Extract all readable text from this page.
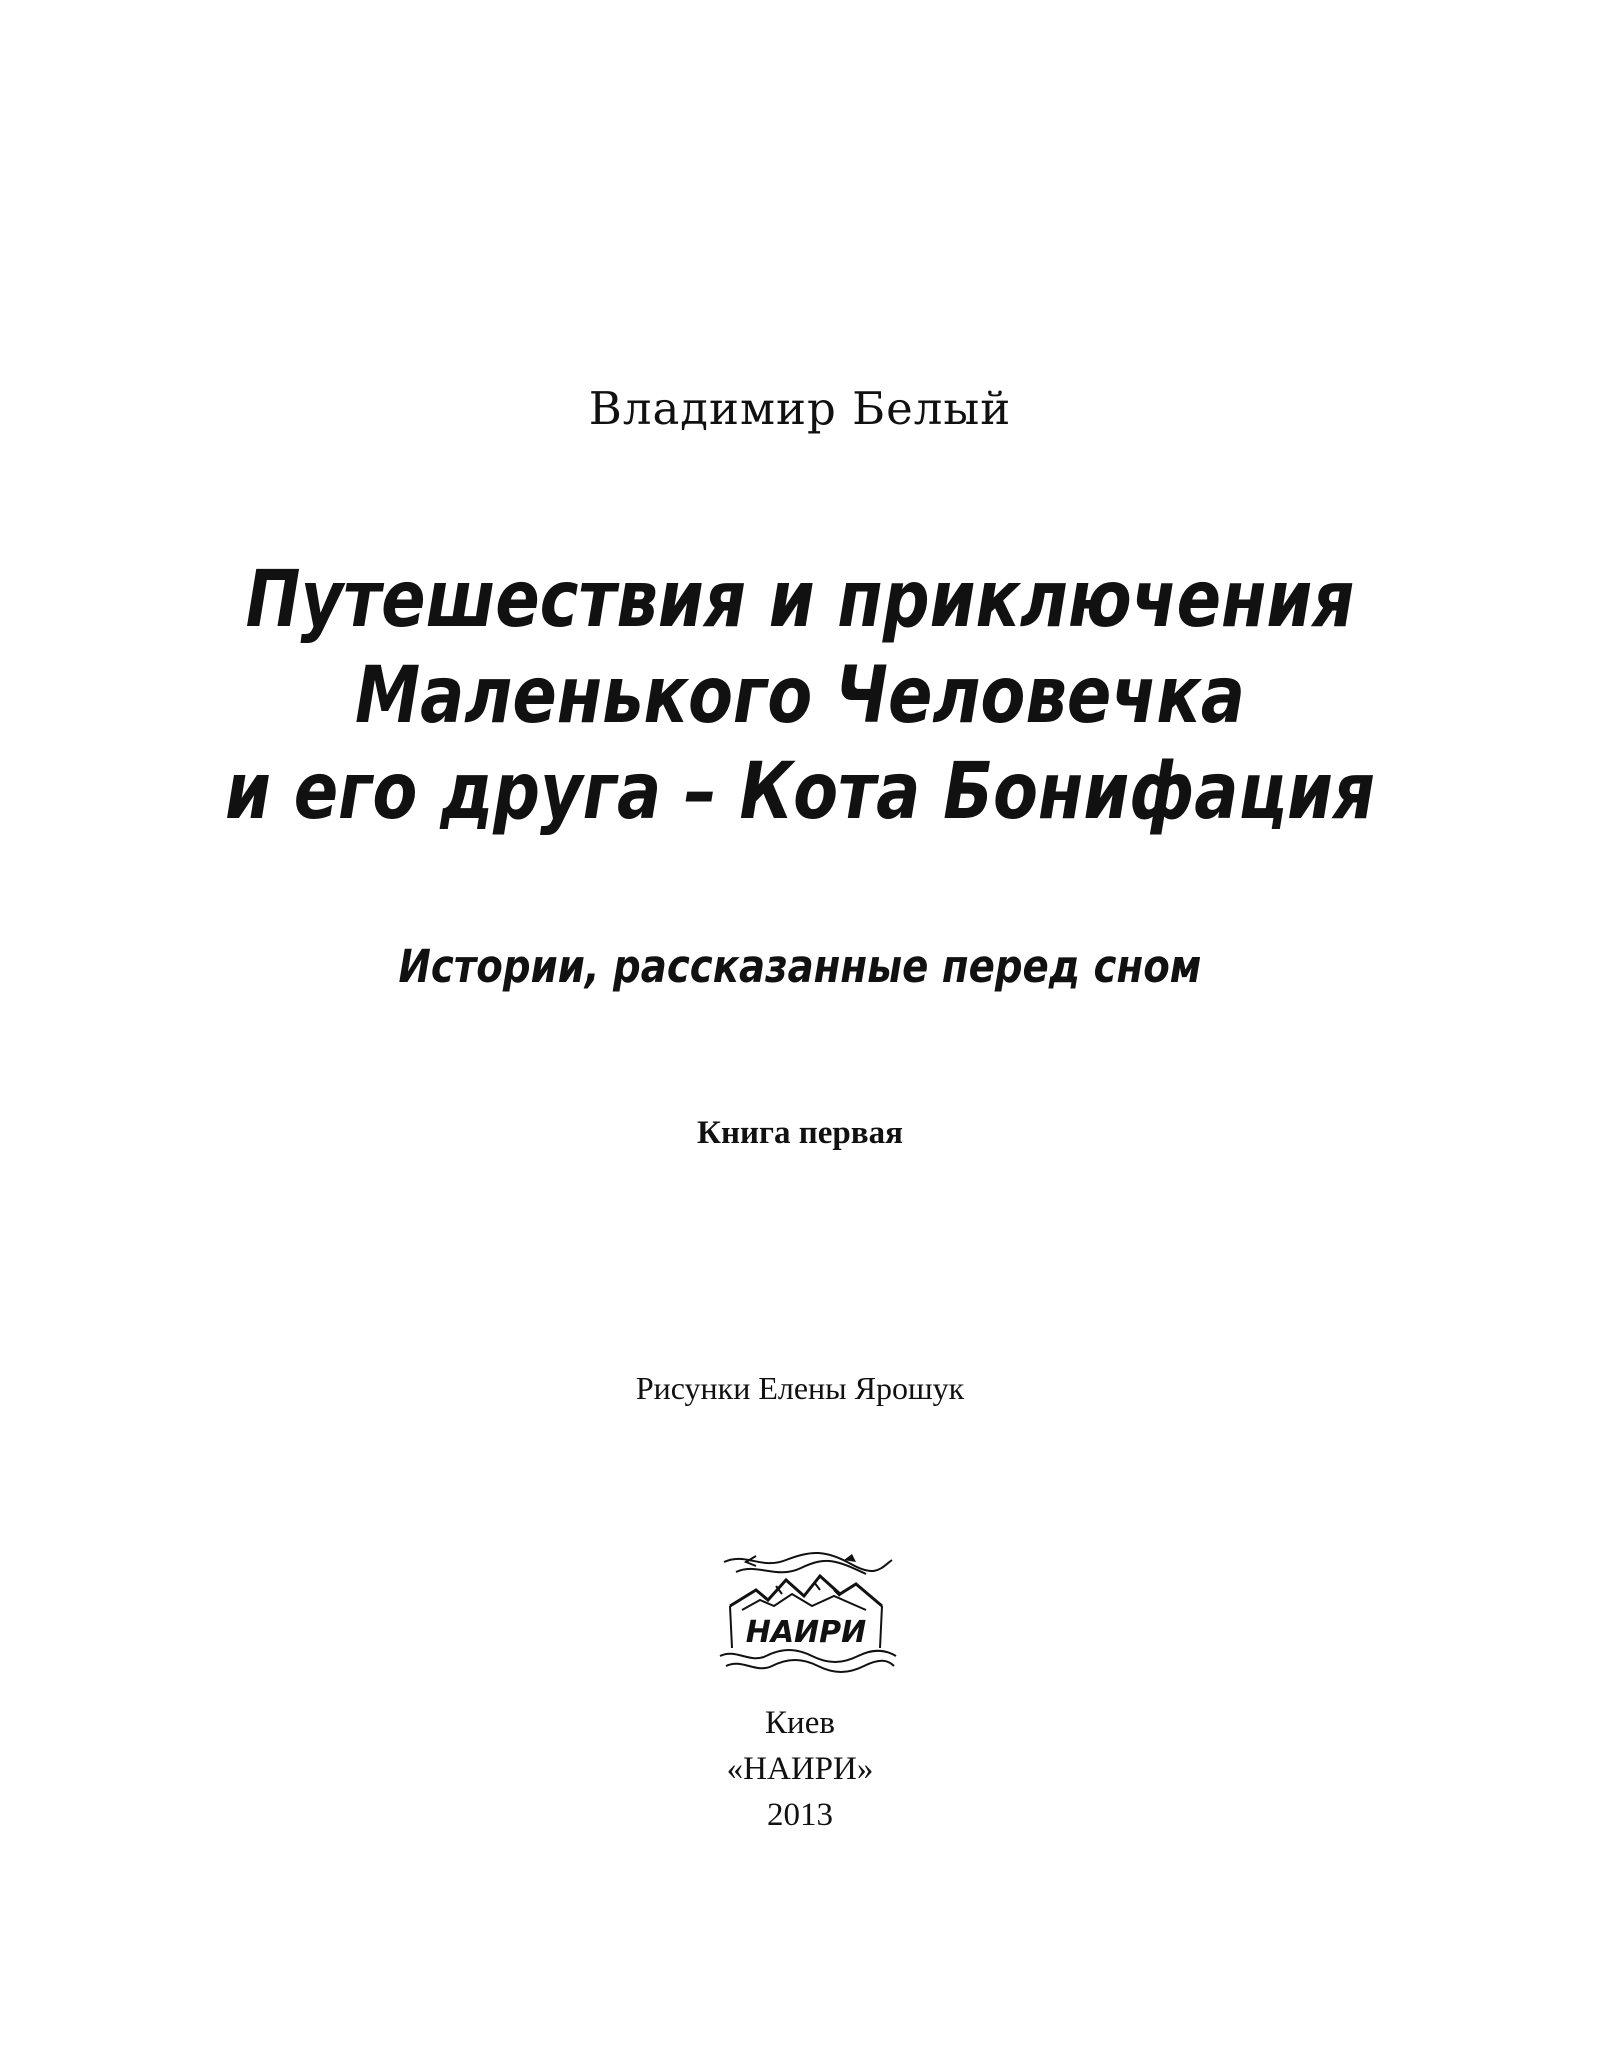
Владимир Белый
Путешествия и приключения
Маленького Человечка
и его друга – Кота Бонифация
Истории, рассказанные перед сном
Книга первая
Рисунки Елены Ярошук
НАИРИ
Киев
«НАИРИ»
2013
